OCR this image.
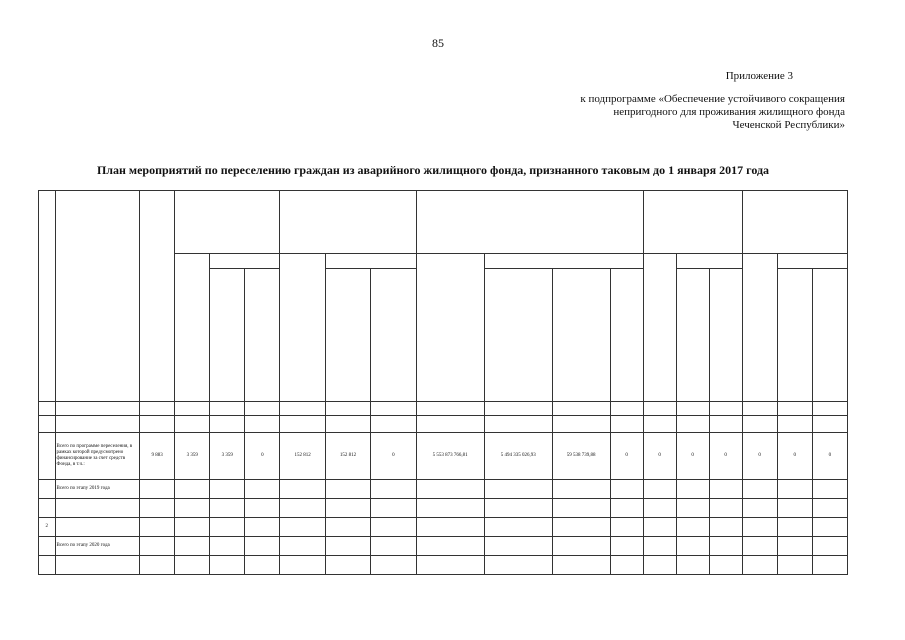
85
Приложение 3
к подпрограмме «Обеспечение устойчивого сокращения непригодного для проживания жилищного фонда Чеченской Республики»
План мероприятий по переселению граждан из аварийного жилищного фонда, признанного таковым до 1 января 2017 года

	Всего по программе переселения, в рамках которой предусмотрено финансирование за счет средств Фонда, в т.ч.:	9 883	3 359	3 359	0	152 812	152 812	0	5 553 873 766,81	5 494 335 026,93	59 538 739,88	0	0	0	0	0	0	0
	Всего по этапу 2019 года																	

2																		
	Всего по этапу 2020 года																	
